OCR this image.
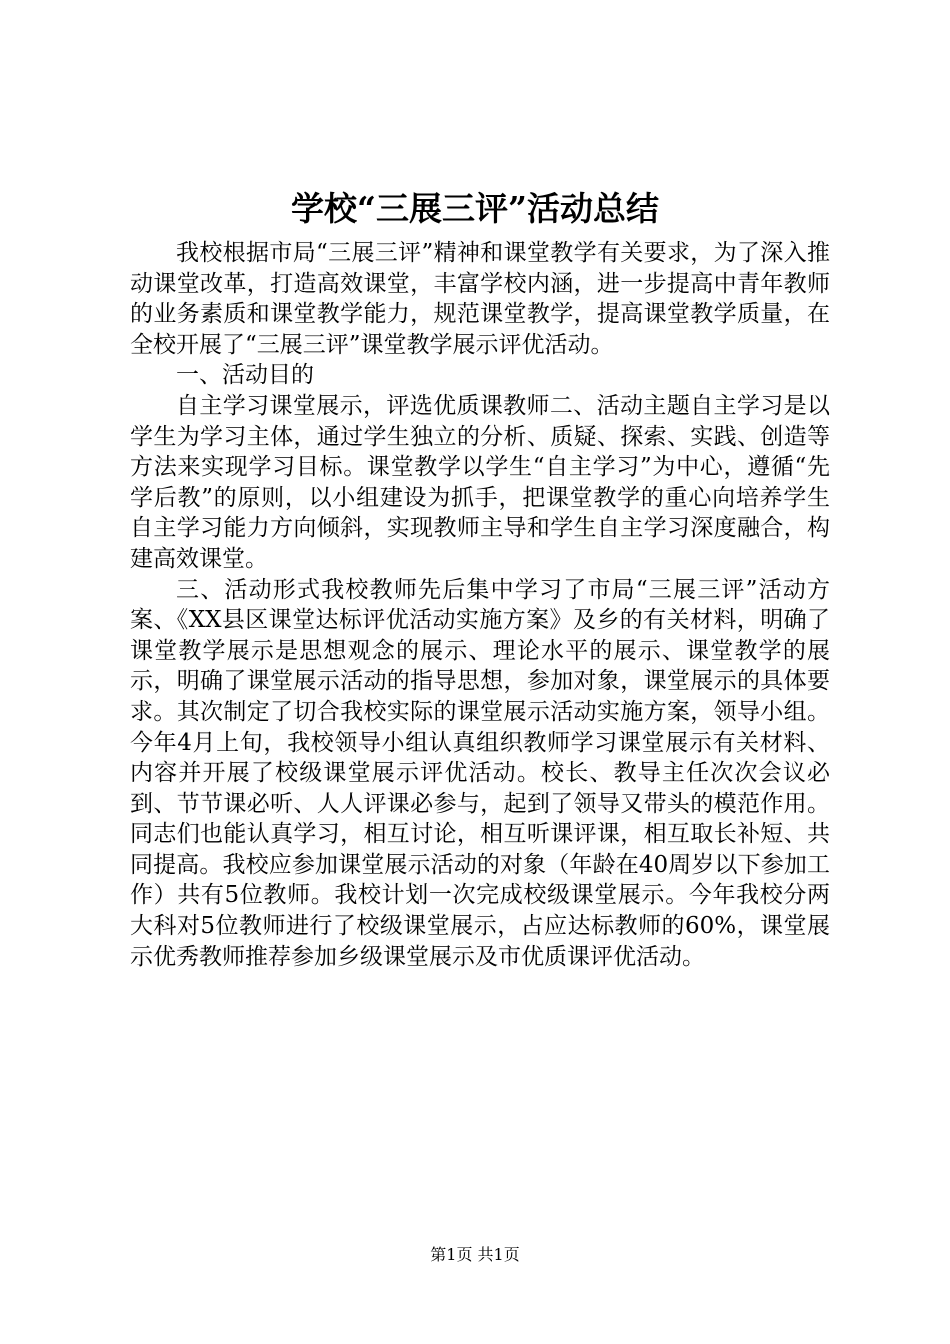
学校“三展三评”活动总结

我校根据市局“三展三评”精神和课堂教学有关要求，为了深入推动课堂改革，打造高效课堂，丰富学校内涵，进一步提高中青年教师的业务素质和课堂教学能力，规范课堂教学，提高课堂教学质量，在全校开展了“三展三评”课堂教学展示评优活动。

一、活动目的

自主学习课堂展示，评选优质课教师二、活动主题自主学习是以学生为学习主体，通过学生独立的分析、质疑、探索、实践、创造等方法来实现学习目标。课堂教学以学生“自主学习”为中心，遵循“先学后教”的原则，以小组建设为抓手，把课堂教学的重心向培养学生自主学习能力方向倾斜，实现教师主导和学生自主学习深度融合，构建高效课堂。

三、活动形式我校教师先后集中学习了市局“三展三评”活动方案、《XX县区课堂达标评优活动实施方案》及乡的有关材料，明确了课堂教学展示是思想观念的展示、理论水平的展示、课堂教学的展示，明确了课堂展示活动的指导思想，参加对象，课堂展示的具体要求。其次制定了切合我校实际的课堂展示活动实施方案，领导小组。今年4月上旬，我校领导小组认真组织教师学习课堂展示有关材料、内容并开展了校级课堂展示评优活动。校长、教导主任次次会议必到、节节课必听、人人评课必参与，起到了领导又带头的模范作用。同志们也能认真学习，相互讨论，相互听课评课，相互取长补短、共同提高。我校应参加课堂展示活动的对象（年龄在40周岁以下参加工作）共有5位教师。我校计划一次完成校级课堂展示。今年我校分两大科对5位教师进行了校级课堂展示，占应达标教师的60%，课堂展示优秀教师推荐参加乡级课堂展示及市优质课评优活动。

第1页 共1页
